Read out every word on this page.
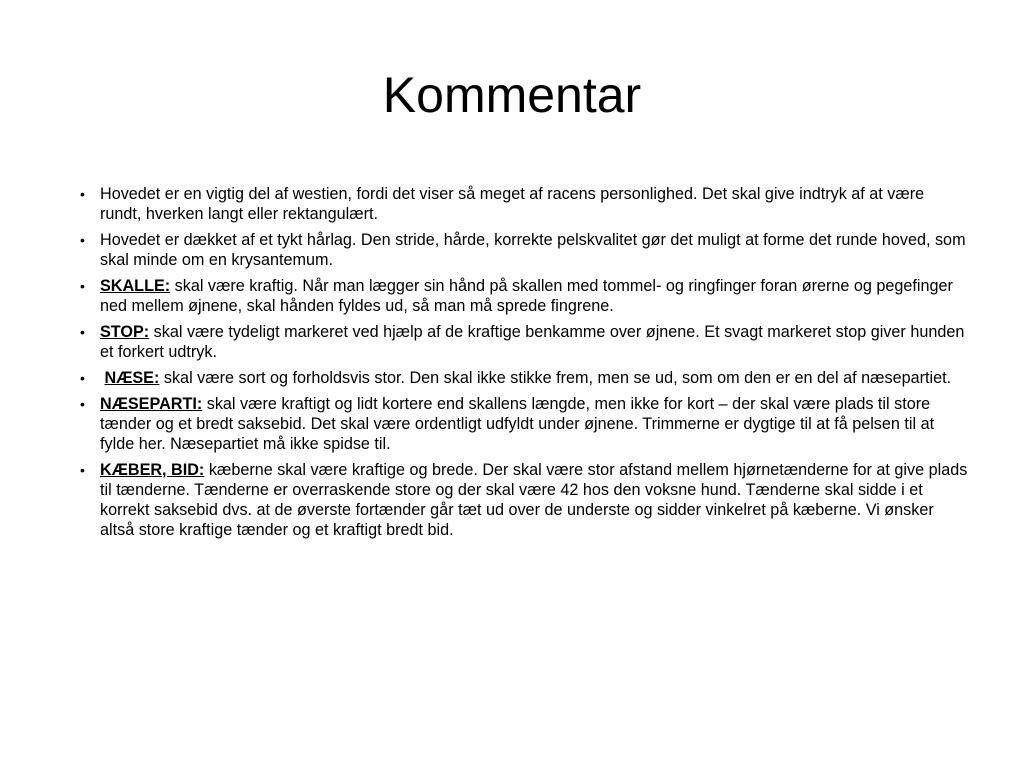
Kommentar
• Hovedet er en vigtig del af westien, fordi det viser så meget af racens personlighed. Det skal give indtryk af at være rundt, hverken langt eller rektangulært.
• Hovedet er dækket af et tykt hårlag. Den stride, hårde, korrekte pelskvalitet gør det muligt at forme det runde hoved, som skal minde om en krysantemum.
• SKALLE: skal være kraftig. Når man lægger sin hånd på skallen med tommel- og ringfinger foran ørerne og pegefinger ned mellem øjnene, skal hånden fyldes ud, så man må sprede fingrene.
• STOP: skal være tydeligt markeret ved hjælp af de kraftige benkamme over øjnene. Et svagt markeret stop giver hunden et forkert udtryk.
•	NÆSE: skal være sort og forholdsvis stor. Den skal ikke stikke frem, men se ud, som om den er en del af næsepartiet.
• NÆSEPARTI: skal være kraftigt og lidt kortere end skallens længde, men ikke for kort – der skal være plads til store tænder og et bredt saksebid. Det skal være ordentligt udfyldt under øjnene. Trimmerne er dygtige til at få pelsen til at fylde her. Næsepartiet må ikke spidse til.
• KÆBER, BID: kæberne skal være kraftige og brede. Der skal være stor afstand mellem hjørnetænderne for at give plads til tænderne. Tænderne er overraskende store og der skal være 42 hos den voksne hund. Tænderne skal sidde i et korrekt saksebid dvs. at de øverste fortænder går tæt ud over de underste og sidder vinkelret på kæberne. Vi ønsker altså store kraftige tænder og et kraftigt bredt bid.
